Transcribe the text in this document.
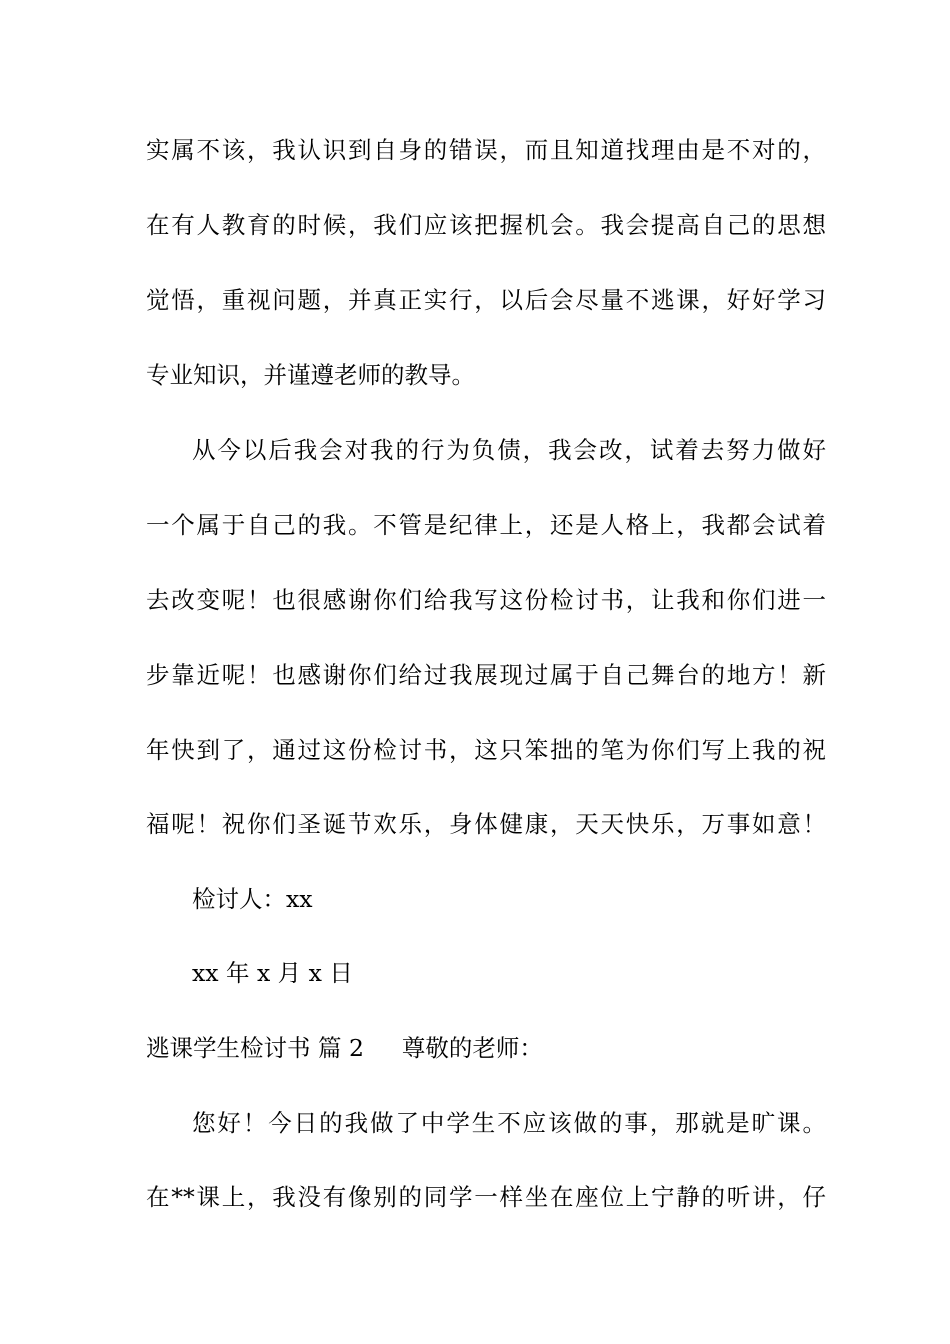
实属不该，我认识到自身的错误，而且知道找理由是不对的，
在有人教育的时候，我们应该把握机会。我会提高自己的思想
觉悟，重视问题，并真正实行，以后会尽量不逃课，好好学习
专业知识，并谨遵老师的教导。
从今以后我会对我的行为负债，我会改，试着去努力做好
一个属于自己的我。不管是纪律上，还是人格上，我都会试着
去改变呢！也很感谢你们给我写这份检讨书，让我和你们进一
步靠近呢！也感谢你们给过我展现过属于自己舞台的地方！新
年快到了，通过这份检讨书，这只笨拙的笔为你们写上我的祝
福呢！祝你们圣诞节欢乐，身体健康，天天快乐，万事如意！
检讨人：xx
xx 年 x 月 x 日
逃课学生检讨书 篇 2 尊敬的老师：
您好！今日的我做了中学生不应该做的事，那就是旷课。
在**课上，我没有像别的同学一样坐在座位上宁静的听讲，仔
